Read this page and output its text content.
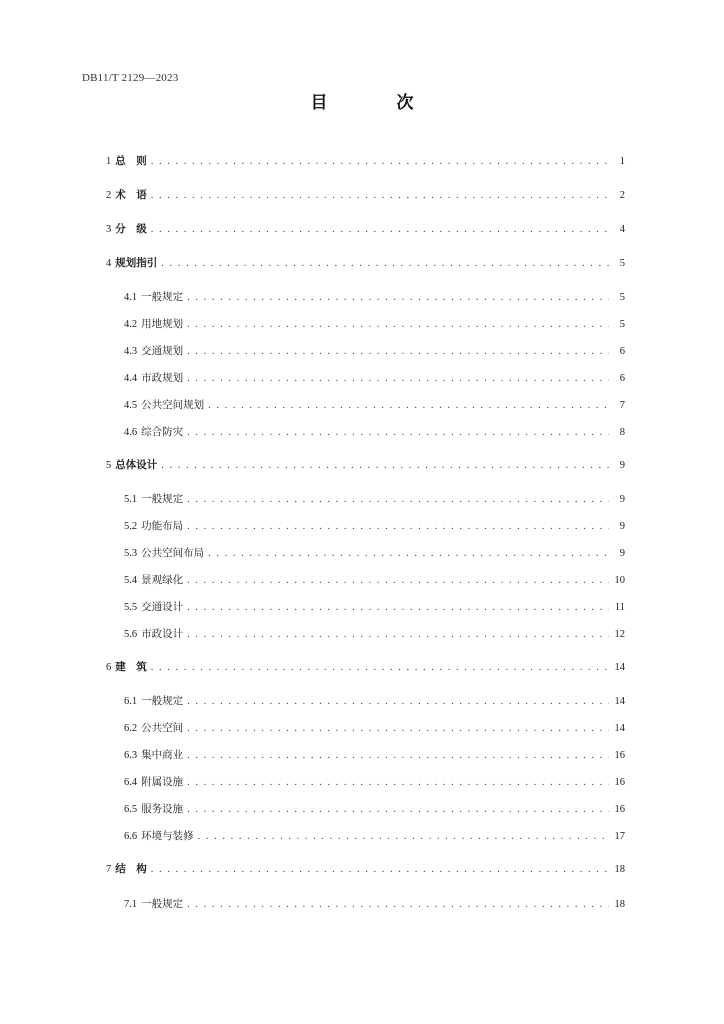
DB11/T 2129—2023
目　次
1 总　则 . . .	1
2 术　语 . . .	2
3 分　级 . . .	4
4 规划指引 . . .	5
4.1 一般规定 . . .	5
4.2 用地规划 . . .	5
4.3 交通规划 . . .	6
4.4 市政规划 . . .	6
4.5 公共空间规划 . . .	7
4.6 综合防灾 . . .	8
5 总体设计 . . .	9
5.1 一般规定 . . .	9
5.2 功能布局 . . .	9
5.3 公共空间布局 . . .	9
5.4 景观绿化 . . .	10
5.5 交通设计 . . .	11
5.6 市政设计 . . .	12
6 建　筑 . . .	14
6.1 一般规定 . . .	14
6.2 公共空间 . . .	14
6.3 集中商业 . . .	16
6.4 附属设施 . . .	16
6.5 服务设施 . . .	16
6.6 环境与装修 . . .	17
7 结　构 . . .	18
7.1 一般规定 . . .	18
